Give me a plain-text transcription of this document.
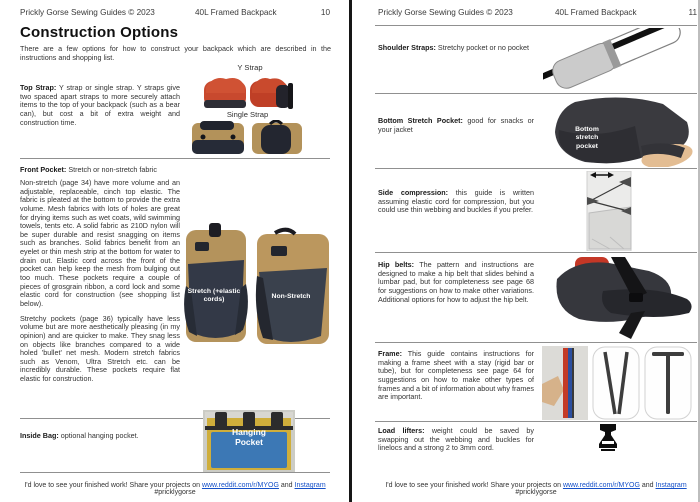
Prickly Gorse Sewing Guides © 2023	40L Framed Backpack	10
Construction Options
There are a few options for how to construct your backpack which are described in the instructions and shopping list.
Top Strap: Y strap or single strap. Y straps give two spaced apart straps to more securely attach items to the top of your backpack (such as a bear can), but cost a bit of extra weight and construction time.
Y Strap
Single Strap
Front Pocket: Stretch or non-stretch fabric

Non-stretch (page 34) have more volume and an adjustable, replaceable, cinch top elastic. The fabric is pleated at the bottom to provide the extra volume. Mesh fabrics with lots of holes are great for drying items such as wet coats, wild swimming towels, tents etc. A solid fabric as 210D nylon will be super durable and resist snagging on items such as branches. Solid fabrics benefit from an eyelet or thin mesh strip at the bottom for water to drain out. Elastic cord across the front of the pocket can help keep the mesh from bulging out too much. These pockets require a couple of pieces of grosgrain ribbon, a cord lock and some elastic cord for construction (see shopping list below).

Stretchy pockets (page 36) typically have less volume but are more aesthetically pleasing (in my opinion) and are quicker to make. They snag less on objects like branches compared to a wide holed 'bullet' net mesh. Modern stretch fabrics such as Venom, Ultra Stretch etc. can be incredibly durable. These pockets require flat elastic for construction.

Stretch (+elastic cords)	Non-Stretch
Inside Bag: optional hanging pocket.	Hanging Pocket
I'd love to see your finished work! Share your projects on www.reddit.com/r/MYOG and Instagram #pricklygorse
Prickly Gorse Sewing Guides © 2023	40L Framed Backpack	11
Shoulder Straps: Stretchy pocket or no pocket
Bottom Stretch Pocket: good for snacks or your jacket	Bottom stretch pocket
Side compression: this guide is written assuming elastic cord for compression, but you could use thin webbing and buckles if you prefer.
Hip belts: The pattern and instructions are designed to make a hip belt that slides behind a lumbar pad, but for completeness see page 68 for suggestions on how to make other variations. Additional options for how to adjust the hip belt.
Frame: This guide contains instructions for making a frame sheet with a stay (rigid bar or tube), but for completeness see page 64 for suggestions on how to make other types of frames and a bit of information about why frames are important.
Load lifters: weight could be saved by swapping out the webbing and buckles for linelocs and a strong 2 to 3mm cord.
I'd love to see your finished work! Share your projects on www.reddit.com/r/MYOG and Instagram #pricklygorse
